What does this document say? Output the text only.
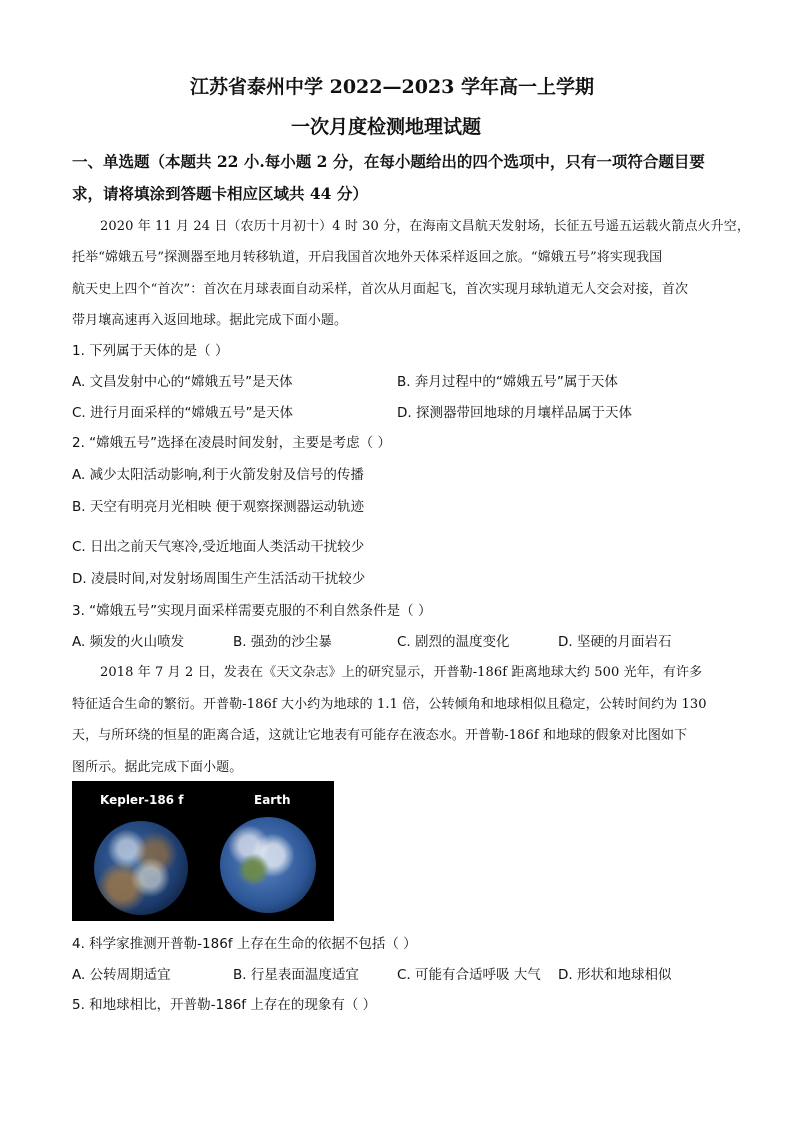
江苏省泰州中学 2022—2023 学年高一上学期
一次月度检测地理试题
一、单选题（本题共 22 小.每小题 2 分，在每小题给出的四个选项中，只有一项符合题目要
求，请将填涂到答题卡相应区域共 44 分）
2020 年 11 月 24 日（农历十月初十）4 时 30 分，在海南文昌航天发射场，长征五号遥五运载火箭点火升空，
托举“嫦娥五号”探测器至地月转移轨道，开启我国首次地外天体采样返回之旅。“嫦娥五号”将实现我国
航天史上四个“首次”：首次在月球表面自动采样，首次从月面起飞，首次实现月球轨道无人交会对接，首次
带月壤高速再入返回地球。据此完成下面小题。
1. 下列属于天体的是（ ）
A. 文昌发射中心的“嫦娥五号”是天体	B. 奔月过程中的“嫦娥五号”属于天体
C. 进行月面采样的“嫦娥五号”是天体	D. 探测器带回地球的月壤样品属于天体
2. “嫦娥五号”选择在凌晨时间发射，主要是考虑（ ）
A. 减少太阳活动影响,利于火箭发射及信号的传播
B. 天空有明亮月光相映 便于观察探测器运动轨迹
C. 日出之前天气寒冷,受近地面人类活动干扰较少
D. 凌晨时间,对发射场周围生产生活活动干扰较少
3. “嫦娥五号”实现月面采样需要克服的不利自然条件是（ ）
A. 频发的火山喷发	B. 强劲的沙尘暴	C. 剧烈的温度变化	D. 坚硬的月面岩石
2018 年 7 月 2 日，发表在《天文杂志》上的研究显示，开普勒-186f 距离地球大约 500 光年，有许多
特征适合生命的繁衍。开普勒-186f 大小约为地球的 1.1 倍，公转倾角和地球相似且稳定，公转时间约为 130
天，与所环绕的恒星的距离合适，这就让它地表有可能存在液态水。开普勒-186f 和地球的假象对比图如下
图所示。据此完成下面小题。
Kepler-186 f	Earth
4. 科学家推测开普勒-186f 上存在生命的依据不包括（ ）
A. 公转周期适宜	B. 行星表面温度适宜	C. 可能有合适呼吸 大气 D. 形状和地球相似
5. 和地球相比，开普勒-186f 上存在的现象有（ ）
